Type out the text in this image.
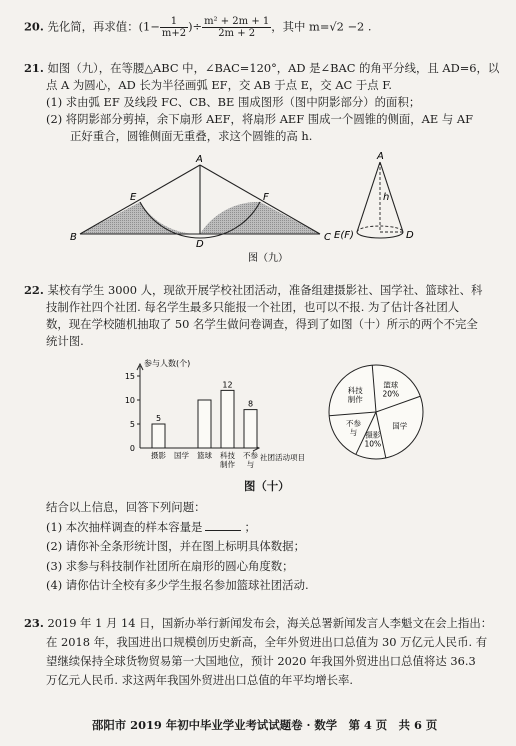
20. 先化简，再求值：($1- \frac{1}{m+2}$ )÷ $\frac{\text{m² + 2m + 1}}{2m + 2}$ ，其中 m=√2 −2 .
21. 如图（九），在等腰△ABC 中，∠BAC=120°，AD 是∠BAC 的角平分线，且 AD=6，以
点 A 为圆心，AD 长为半径画弧 EF，交 AB 于点 E，交 AC 于点 F.
(1) 求由弧 EF 及线段 FC、CB、BE 围成图形（图中阴影部分）的面积；
(2) 将阴影部分剪掉，余下扇形 AEF，将扇形 AEF 围成一个圆锥的侧面，AE 与 AF
正好重合，圆锥侧面无重叠，求这个圆锥的高 h.
A
B	C
D
E	F
图（九）
A
h
E(F)	D
22. 某校有学生 3000 人，现欲开展学校社团活动，准备组建摄影社、国学社、篮球社、科
技制作社四个社团. 每名学生最多只能报一个社团，也可以不报. 为了估计各社团人
数，现在学校随机抽取了 50 名学生做问卷调查，得到了如图（十）所示的两个不完全
统计图.
参与人数(个)
0
5
10
15
5
摄影 国学 篮球
12
科技
制作
8
不参
与
社团活动项目
篮球
20%
国学
摄影
10%
不参
与
科技
制作
图（十）
结合以上信息，回答下列问题：
(1) 本次抽样调查的样本容量是	；
(2) 请你补全条形统计图，并在图上标明具体数据；
(3) 求参与科技制作社团所在扇形的圆心角度数；
(4) 请你估计全校有多少学生报名参加篮球社团活动.
23. 2019 年 1 月 14 日，国新办举行新闻发布会，海关总署新闻发言人李魁文在会上指出：
在 2018 年，我国进出口规模创历史新高，全年外贸进出口总值为 30 万亿元人民币. 有
望继续保持全球货物贸易第一大国地位，预计 2020 年我国外贸进出口总值将达 36.3
万亿元人民币. 求这两年我国外贸进出口总值的年平均增长率.
邵阳市 2019 年初中毕业学业考试试题卷 · 数学　第 4 页　共 6 页
